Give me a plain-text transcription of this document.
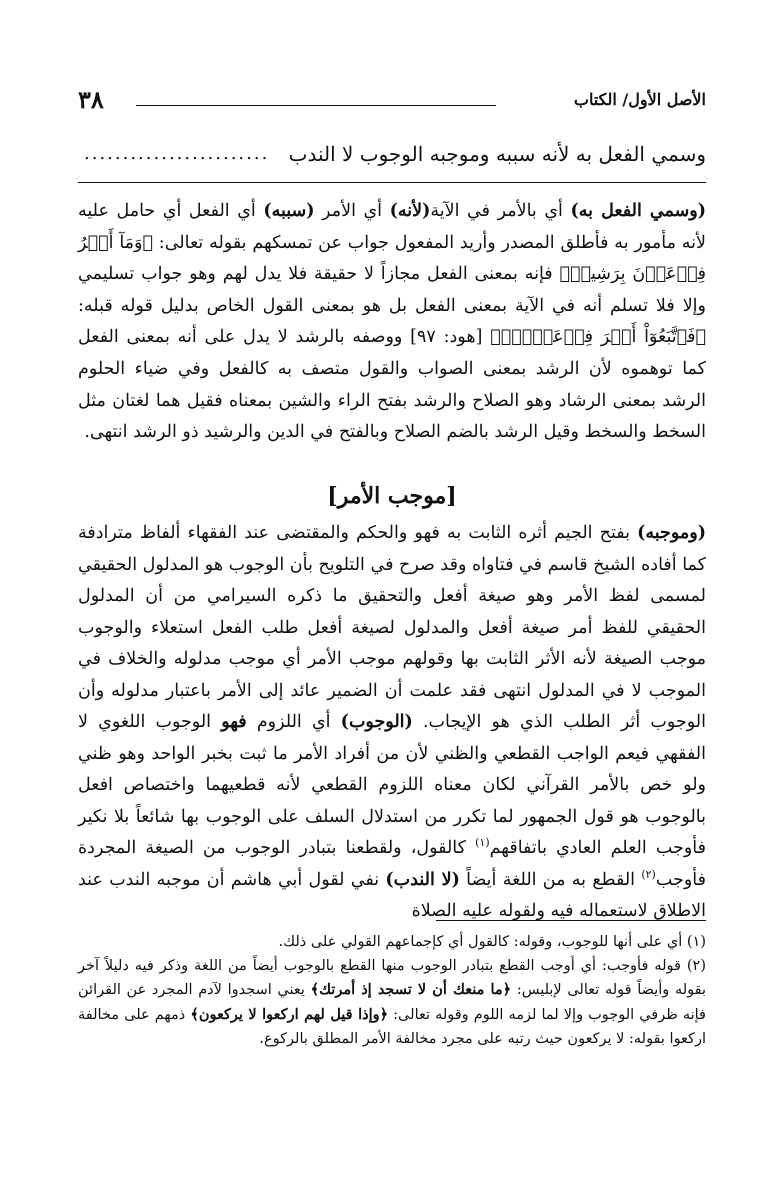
٣٨	الأصل الأول/ الكتاب
........................ وسمي الفعل به لأنه سببه وموجبه الوجوب لا الندب

(وسمي الفعل به) أي بالأمر في الآية(لأنه) أي الأمر (سببه) أي الفعل أي حامل عليه لأنه مأمور به فأطلق المصدر وأريد المفعول جواب عن تمسكهم بقوله تعالى: ﴿وَمَآ أَمۡرُ فِرۡعَوۡنَ بِرَشِيدٖ﴾ فإنه بمعنى الفعل مجازاً لا حقيقة فلا يدل لهم وهو جواب تسليمي وإلا فلا تسلم أنه في الآية بمعنى الفعل بل هو بمعنى القول الخاص بدليل قوله قبله: ﴿فَٱتَّبَعُوٓاْ أَمۡرَ فِرۡعَوۡنَۖ﴾ [هود: ٩٧] ووصفه بالرشد لا يدل على أنه بمعنى الفعل كما توهموه لأن الرشد بمعنى الصواب والقول متصف به كالفعل وفي ضياء الحلوم الرشد بمعنى الرشاد وهو الصلاح والرشد بفتح الراء والشين بمعناه فقيل هما لغتان مثل السخط والسخط وقيل الرشد بالضم الصلاح وبالفتح في الدين والرشيد ذو الرشد انتهى.

[موجب الأمر]

(وموجبه) بفتح الجيم أثره الثابت به فهو والحكم والمقتضى عند الفقهاء ألفاظ مترادفة كما أفاده الشيخ قاسم في فتاواه وقد صرح في التلويح بأن الوجوب هو المدلول الحقيقي لمسمى لفظ الأمر وهو صيغة أفعل والتحقيق ما ذكره السيرامي من أن المدلول الحقيقي للفظ أمر صيغة أفعل والمدلول لصيغة أفعل طلب الفعل استعلاء والوجوب موجب الصيغة لأنه الأثر الثابت بها وقولهم موجب الأمر أي موجب مدلوله والخلاف في الموجب لا في المدلول انتهى فقد علمت أن الضمير عائد إلى الأمر باعتبار مدلوله وأن الوجوب أثر الطلب الذي هو الإيجاب. (الوجوب) أي اللزوم فهو الوجوب اللغوي لا الفقهي فيعم الواجب القطعي والظني لأن من أفراد الأمر ما ثبت بخبر الواحد وهو ظني ولو خص بالأمر القرآني لكان معناه اللزوم القطعي لأنه قطعيهما واختصاص افعل بالوجوب هو قول الجمهور لما تكرر من استدلال السلف على الوجوب بها شائعاً بلا نكير فأوجب العلم العادي باتفاقهم$^{(١)}$ كالقول، ولقطعنا بتبادر الوجوب من الصيغة المجردة فأوجب$^{(٢)}$ القطع به من اللغة أيضاً (لا الندب) نفي لقول أبي هاشم أن موجبه الندب عند الاطلاق لاستعماله فيه ولقوله عليه الصلاة

(١) أي على أنها للوجوب، وقوله: كالقول أي كإجماعهم القولي على ذلك.

(٢) قوله فأوجب: أي أوجب القطع بتبادر الوجوب منها القطع بالوجوب أيضاً من اللغة وذكر فيه دليلاً آخر بقوله وأيضاً قوله تعالى لإبليس: ﴿ما منعك أن لا تسجد إذ أمرتك﴾ يعني اسجدوا لآدم المجرد عن القرائن فإنه ظرفي الوجوب وإلا لما لزمه اللوم وقوله تعالى: ﴿وإذا قيل لهم اركعوا لا يركعون﴾ ذمهم على مخالفة اركعوا بقوله: لا يركعون حيث رتبه على مجرد مخالفة الأمر المطلق بالركوع.
